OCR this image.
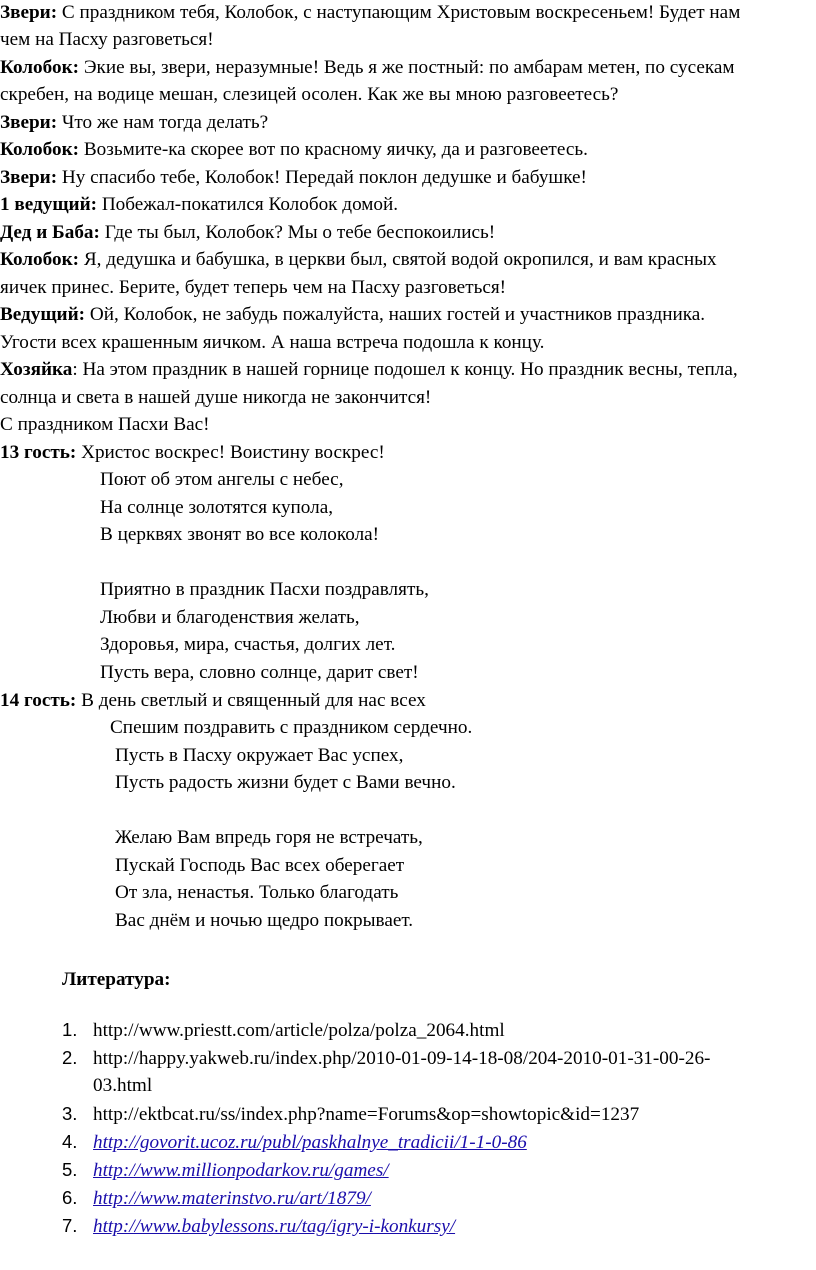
Звери: С праздником тебя, Колобок, с наступающим Христовым воскресеньем! Будет нам
чем на Пасху разговеться!
Колобок: Экие вы, звери, неразумные! Ведь я же постный: по амбарам метен, по сусекам
скребен, на водице мешан, слезицей осолен. Как же вы мною разговеетесь?
Звери: Что же нам тогда делать?
Колобок: Возьмите-ка скорее вот по красному яичку, да и разговеетесь.
Звери: Ну спасибо тебе, Колобок! Передай поклон дедушке и бабушке!
1 ведущий: Побежал-покатился Колобок домой.
Дед и Баба: Где ты был, Колобок? Мы о тебе беспокоились!
Колобок: Я, дедушка и бабушка, в церкви был, святой водой окропился, и вам красных
яичек принес. Берите, будет теперь чем на Пасху разговеться!
Ведущий: Ой, Колобок, не забудь пожалуйста, наших гостей и участников праздника.
Угости всех крашенным яичком. А наша встреча подошла к концу.
Хозяйка: На этом праздник в нашей горнице подошел к концу. Но праздник весны, тепла,
солнца и света в нашей душе никогда не закончится!
С праздником Пасхи Вас!
13 гость: Христос воскрес! Воистину воскрес!
Поют об этом ангелы с небес,
На солнце золотятся купола,
В церквях звонят во все колокола!
Приятно в праздник Пасхи поздравлять,
Любви и благоденствия желать,
Здоровья, мира, счастья, долгих лет.
Пусть вера, словно солнце, дарит свет!
14 гость: В день светлый и священный для нас всех
Спешим поздравить с праздником сердечно.
Пусть в Пасху окружает Вас успех,
Пусть радость жизни будет с Вами вечно.
Желаю Вам впредь горя не встречать,
Пускай Господь Вас всех оберегает
От зла, ненастья. Только благодать
Вас днём и ночью щедро покрывает.
Литература:
1. http://www.priestt.com/article/polza/polza_2064.html
2. http://happy.yakweb.ru/index.php/2010-01-09-14-18-08/204-2010-01-31-00-26-
03.html
3. http://ektbcat.ru/ss/index.php?name=Forums&op=showtopic&id=1237
4. http://govorit.ucoz.ru/publ/paskhalnye_tradicii/1-1-0-86
5. http://www.millionpodarkov.ru/games/
6. http://www.materinstvo.ru/art/1879/
7. http://www.babylessons.ru/tag/igry-i-konkursy/
